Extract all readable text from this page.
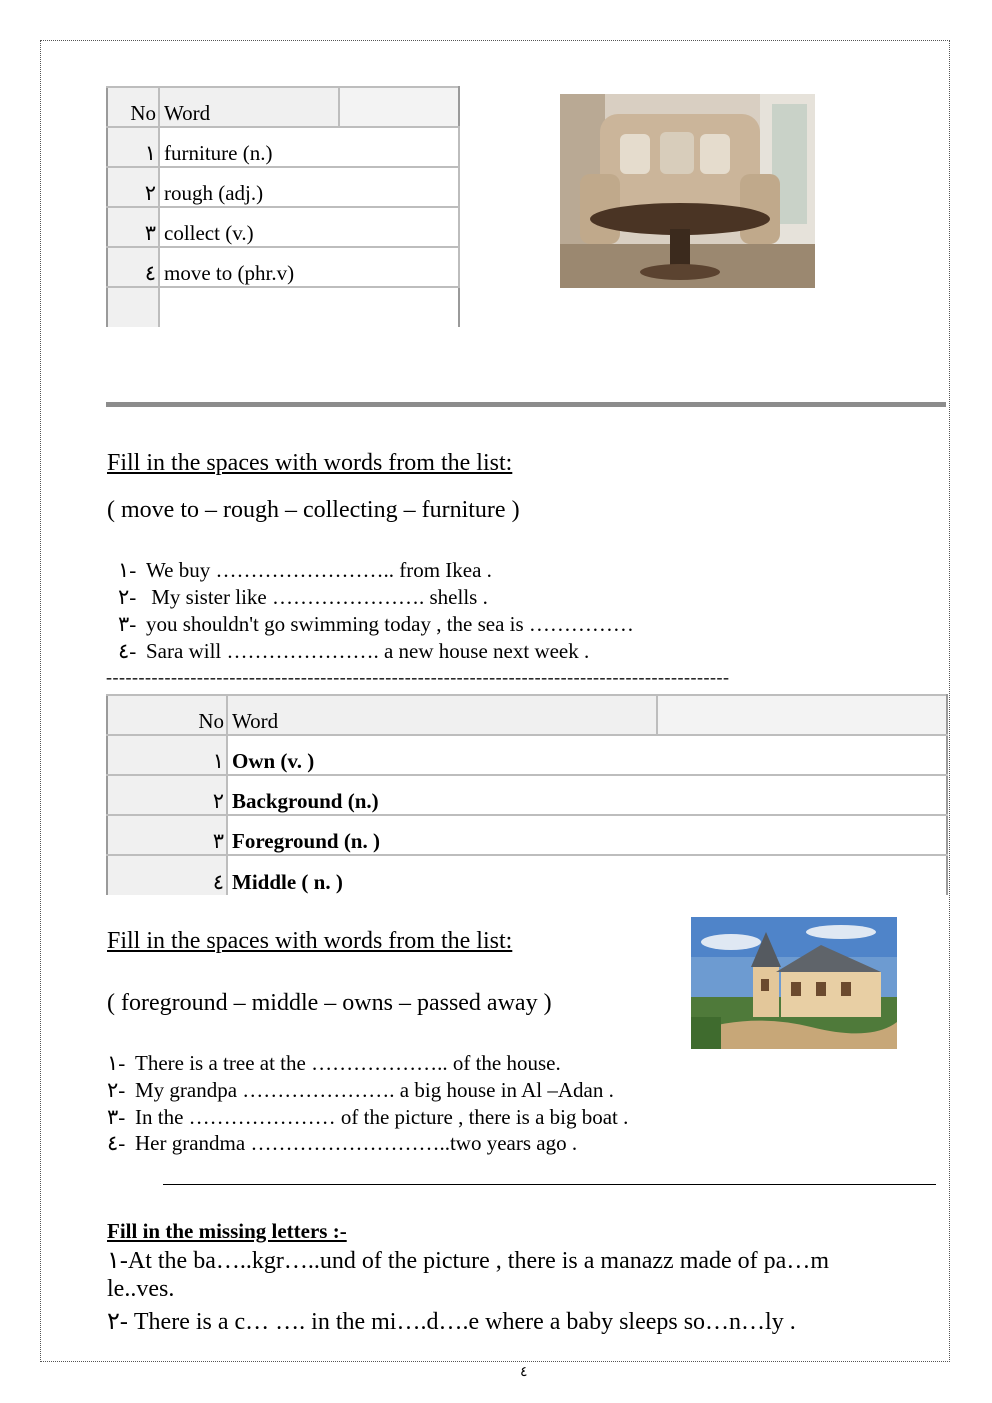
No	Word	
١	furniture (n.)	
٢	rough (adj.)	
٣	collect (v.)	
٤	move to (phr.v)	

Fill in the spaces with words from the list:
( move to – rough – collecting – furniture )
١- We buy …………………….. from Ikea .
٢- My sister like …………………. shells .
٣- you shouldn't go swimming today , the sea is ……………
٤- Sara will …………………. a new house next week .
------------------------------------------------------------------------------------------------
No	Word	
١	Own (v. )	
٢	Background (n.)	
٣	Foreground (n. )	
٤	Middle ( n. )	
Fill in the spaces with words from the list:
( foreground – middle – owns – passed away )
١- There is a tree at the ……………….. of the house.
٢- My grandpa …………………. a big house in Al –Adan .
٣- In the ………………… of the picture , there is a big boat .
٤- Her grandma ………………………..two years ago .
Fill in the missing letters :-
١-At the ba…..kgr…..und of the picture , there is a manazz made of pa…m
le..ves.
٢- There is a c… …. in the mi….d….e where a baby sleeps so…n…ly .
٤
